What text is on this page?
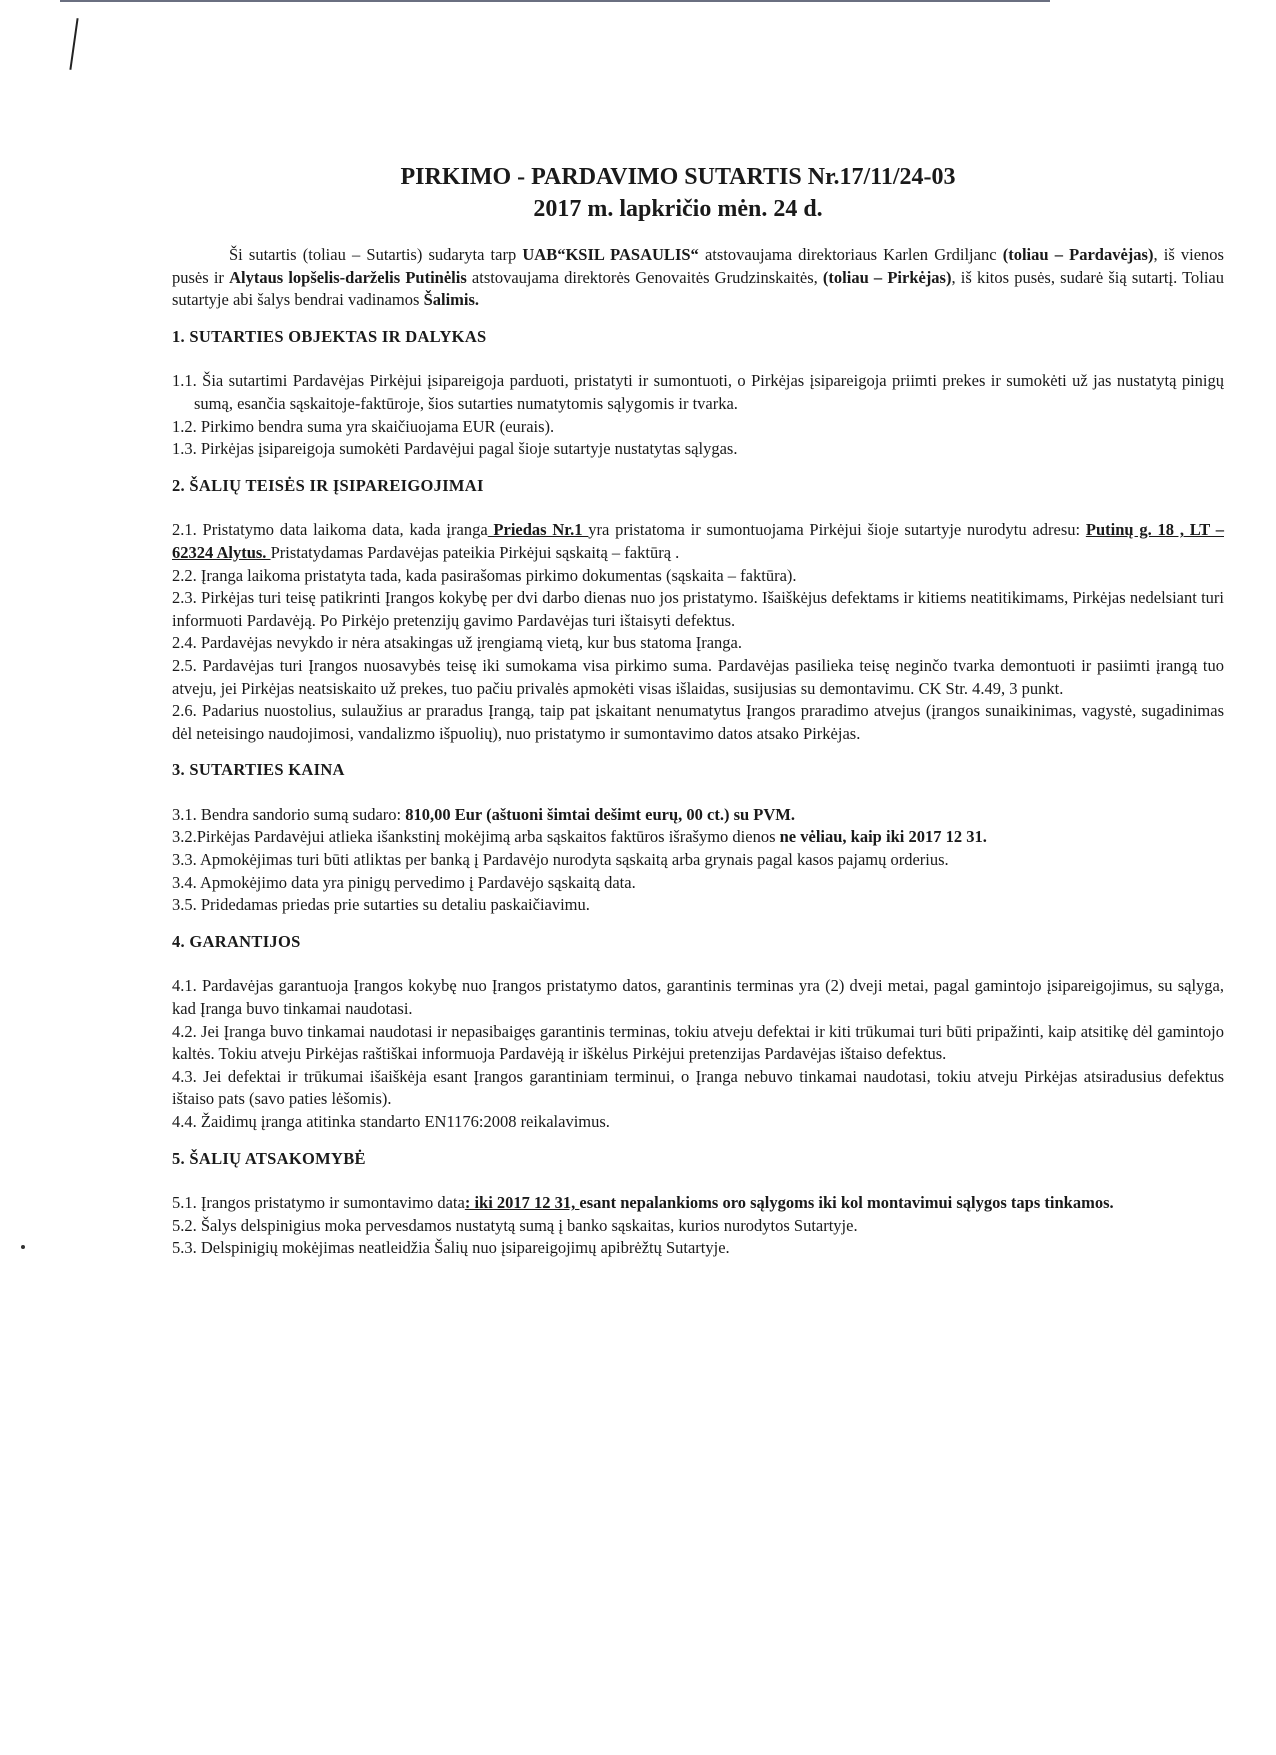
PIRKIMO - PARDAVIMO SUTARTIS Nr.17/11/24-03
2017 m. lapkričio mėn. 24 d.

Ši sutartis (toliau – Sutartis) sudaryta tarp UAB“KSIL PASAULIS“ atstovaujama direktoriaus Karlen Grdiljanc (toliau – Pardavėjas), iš vienos pusės ir Alytaus lopšelis-darželis Putinėlis atstovaujama direktorės Genovaitės Grudzinskaitės, (toliau – Pirkėjas), iš kitos pusės, sudarė šią sutartį. Toliau sutartyje abi šalys bendrai vadinamos Šalimis.

1. SUTARTIES OBJEKTAS IR DALYKAS

1.1. Šia sutartimi Pardavėjas Pirkėjui įsipareigoja parduoti, pristatyti ir sumontuoti, o Pirkėjas įsipareigoja priimti prekes ir sumokėti už jas nustatytą pinigų sumą, esančia sąskaitoje-faktūroje, šios sutarties numatytomis sąlygomis ir tvarka.

1.2. Pirkimo bendra suma yra skaičiuojama EUR (eurais).

1.3. Pirkėjas įsipareigoja sumokėti Pardavėjui pagal šioje sutartyje nustatytas sąlygas.

2. ŠALIŲ TEISĖS IR ĮSIPAREIGOJIMAI

2.1. Pristatymo data laikoma data, kada įranga Priedas Nr.1 yra pristatoma ir sumontuojama Pirkėjui šioje sutartyje nurodytu adresu: Putinų g. 18 , LT – 62324 Alytus. Pristatydamas Pardavėjas pateikia Pirkėjui sąskaitą – faktūrą .

2.2. Įranga laikoma pristatyta tada, kada pasirašomas pirkimo dokumentas (sąskaita – faktūra).

2.3. Pirkėjas turi teisę patikrinti Įrangos kokybę per dvi darbo dienas nuo jos pristatymo. Išaiškėjus defektams ir kitiems neatitikimams, Pirkėjas nedelsiant turi informuoti Pardavėją. Po Pirkėjo pretenzijų gavimo Pardavėjas turi ištaisyti defektus.

2.4. Pardavėjas nevykdo ir nėra atsakingas už įrengiamą vietą, kur bus statoma Įranga.

2.5. Pardavėjas turi Įrangos nuosavybės teisę iki sumokama visa pirkimo suma. Pardavėjas pasilieka teisę neginčo tvarka demontuoti ir pasiimti įrangą tuo atveju, jei Pirkėjas neatsiskaito už prekes, tuo pačiu privalės apmokėti visas išlaidas, susijusias su demontavimu. CK Str. 4.49, 3 punkt.

2.6. Padarius nuostolius, sulaužius ar praradus Įrangą, taip pat įskaitant nenumatytus Įrangos praradimo atvejus (įrangos sunaikinimas, vagystė, sugadinimas dėl neteisingo naudojimosi, vandalizmo išpuolių), nuo pristatymo ir sumontavimo datos atsako Pirkėjas.

3. SUTARTIES KAINA

3.1. Bendra sandorio sumą sudaro: 810,00 Eur (aštuoni šimtai dešimt eurų, 00 ct.) su PVM.

3.2.Pirkėjas Pardavėjui atlieka išankstinį mokėjimą arba sąskaitos faktūros išrašymo dienos ne vėliau, kaip iki 2017 12 31.

3.3. Apmokėjimas turi būti atliktas per banką į Pardavėjo nurodyta sąskaitą arba grynais pagal kasos pajamų orderius.

3.4. Apmokėjimo data yra pinigų pervedimo į Pardavėjo sąskaitą data.

3.5. Pridedamas priedas prie sutarties su detaliu paskaičiavimu.

4. GARANTIJOS

4.1. Pardavėjas garantuoja Įrangos kokybę nuo Įrangos pristatymo datos, garantinis terminas yra (2) dveji metai, pagal gamintojo įsipareigojimus, su sąlyga, kad Įranga buvo tinkamai naudotasi.

4.2. Jei Įranga buvo tinkamai naudotasi ir nepasibaigęs garantinis terminas, tokiu atveju defektai ir kiti trūkumai turi būti pripažinti, kaip atsitikę dėl gamintojo kaltės. Tokiu atveju Pirkėjas raštiškai informuoja Pardavėją ir iškėlus Pirkėjui pretenzijas Pardavėjas ištaiso defektus.

4.3. Jei defektai ir trūkumai išaiškėja esant Įrangos garantiniam terminui, o Įranga nebuvo tinkamai naudotasi, tokiu atveju Pirkėjas atsiradusius defektus ištaiso pats (savo paties lėšomis).

4.4. Žaidimų įranga atitinka standarto EN1176:2008 reikalavimus.

5. ŠALIŲ ATSAKOMYBĖ

5.1. Įrangos pristatymo ir sumontavimo data: iki 2017 12 31, esant nepalankioms oro sąlygoms iki kol montavimui sąlygos taps tinkamos.

5.2. Šalys delspinigius moka pervesdamos nustatytą sumą į banko sąskaitas, kurios nurodytos Sutartyje.

5.3. Delspinigių mokėjimas neatleidžia Šalių nuo įsipareigojimų apibrėžtų Sutartyje.
